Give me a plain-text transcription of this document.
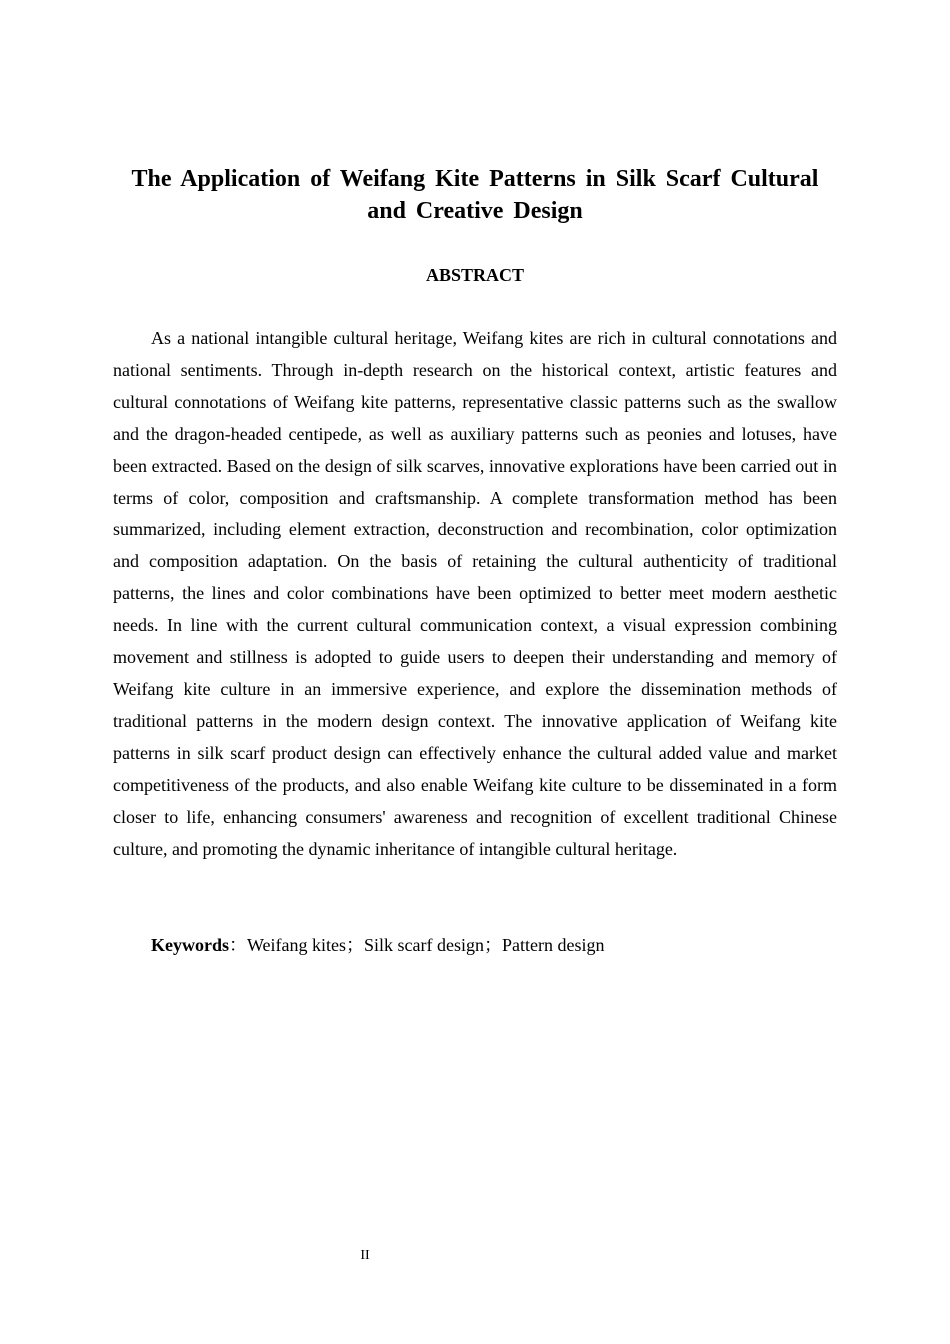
The Application of Weifang Kite Patterns in Silk Scarf Cultural and Creative Design
ABSTRACT

As a national intangible cultural heritage, Weifang kites are rich in cultural connotations and national sentiments. Through in-depth research on the historical context, artistic features and cultural connotations of Weifang kite patterns, representative classic patterns such as the swallow and the dragon-headed centipede, as well as auxiliary patterns such as peonies and lotuses, have been extracted. Based on the design of silk scarves, innovative explorations have been carried out in terms of color, composition and craftsmanship. A complete transformation method has been summarized, including element extraction, deconstruction and recombination, color optimization and composition adaptation. On the basis of retaining the cultural authenticity of traditional patterns, the lines and color combinations have been optimized to better meet modern aesthetic needs. In line with the current cultural communication context, a visual expression combining movement and stillness is adopted to guide users to deepen their understanding and memory of Weifang kite culture in an immersive experience, and explore the dissemination methods of traditional patterns in the modern design context. The innovative application of Weifang kite patterns in silk scarf product design can effectively enhance the cultural added value and market competitiveness of the products, and also enable Weifang kite culture to be disseminated in a form closer to life, enhancing consumers' awareness and recognition of excellent traditional Chinese culture, and promoting the dynamic inheritance of intangible cultural heritage.

Keywords：Weifang kites；Silk scarf design；Pattern design
II
